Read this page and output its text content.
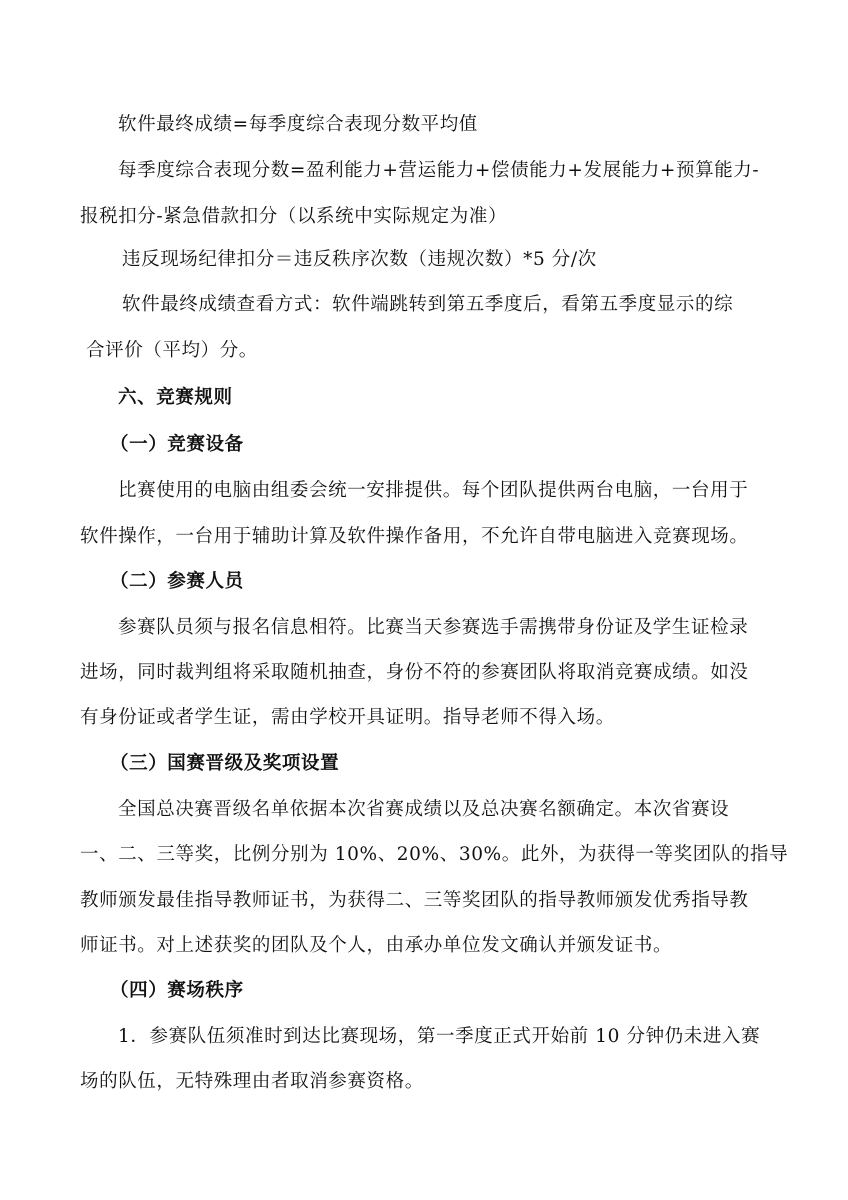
软件最终成绩=每季度综合表现分数平均值
每季度综合表现分数=盈利能力+营运能力+偿债能力+发展能力+预算能力-
报税扣分-紧急借款扣分（以系统中实际规定为准）
违反现场纪律扣分＝违反秩序次数（违规次数）*5 分/次
软件最终成绩查看方式：软件端跳转到第五季度后，看第五季度显示的综
合评价（平均）分。
六、竞赛规则
（一）竞赛设备
比赛使用的电脑由组委会统一安排提供。每个团队提供两台电脑，一台用于
软件操作，一台用于辅助计算及软件操作备用，不允许自带电脑进入竞赛现场。
（二）参赛人员
参赛队员须与报名信息相符。比赛当天参赛选手需携带身份证及学生证检录
进场，同时裁判组将采取随机抽查，身份不符的参赛团队将取消竞赛成绩。如没
有身份证或者学生证，需由学校开具证明。指导老师不得入场。
（三）国赛晋级及奖项设置
全国总决赛晋级名单依据本次省赛成绩以及总决赛名额确定。本次省赛设
一、二、三等奖，比例分别为 10%、20%、30%。此外，为获得一等奖团队的指导
教师颁发最佳指导教师证书，为获得二、三等奖团队的指导教师颁发优秀指导教
师证书。对上述获奖的团队及个人，由承办单位发文确认并颁发证书。
（四）赛场秩序
1．参赛队伍须准时到达比赛现场，第一季度正式开始前 10 分钟仍未进入赛
场的队伍，无特殊理由者取消参赛资格。
